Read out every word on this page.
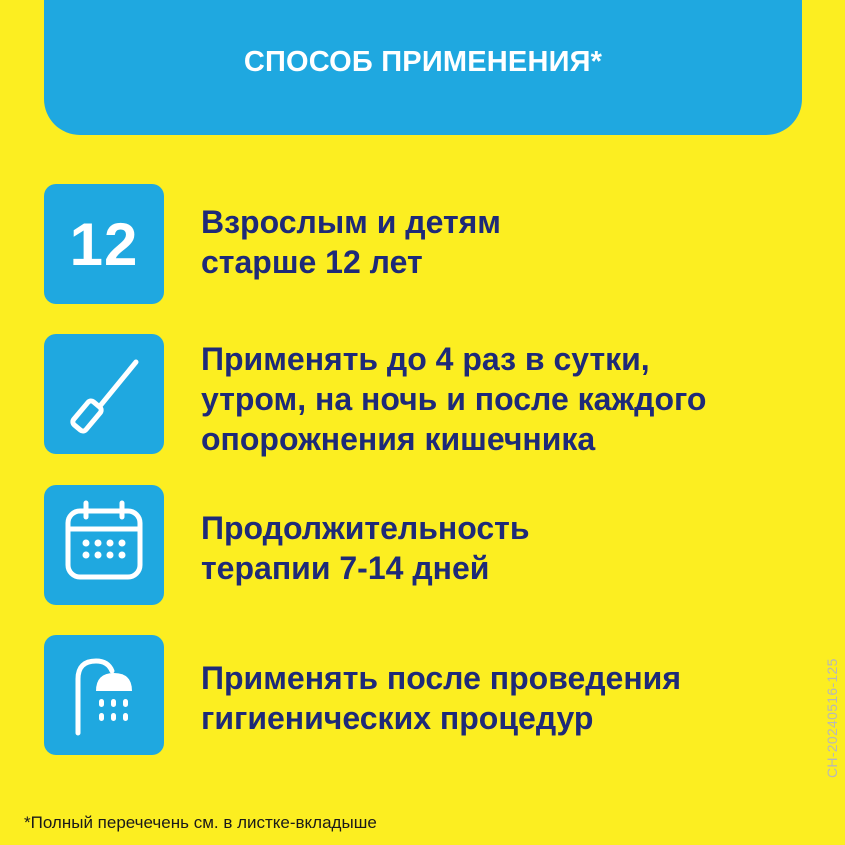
СПОСОБ ПРИМЕНЕНИЯ*
12 Взрослым и детям
старше 12 лет
Применять до 4 раз в сутки,
утром, на ночь и после каждого
опорожнения кишечника
Продолжительность
терапии 7-14 дней
Применять после проведения
гигиенических процедур
*Полный перечечень см. в листке-вкладыше
CH-20240516-125
